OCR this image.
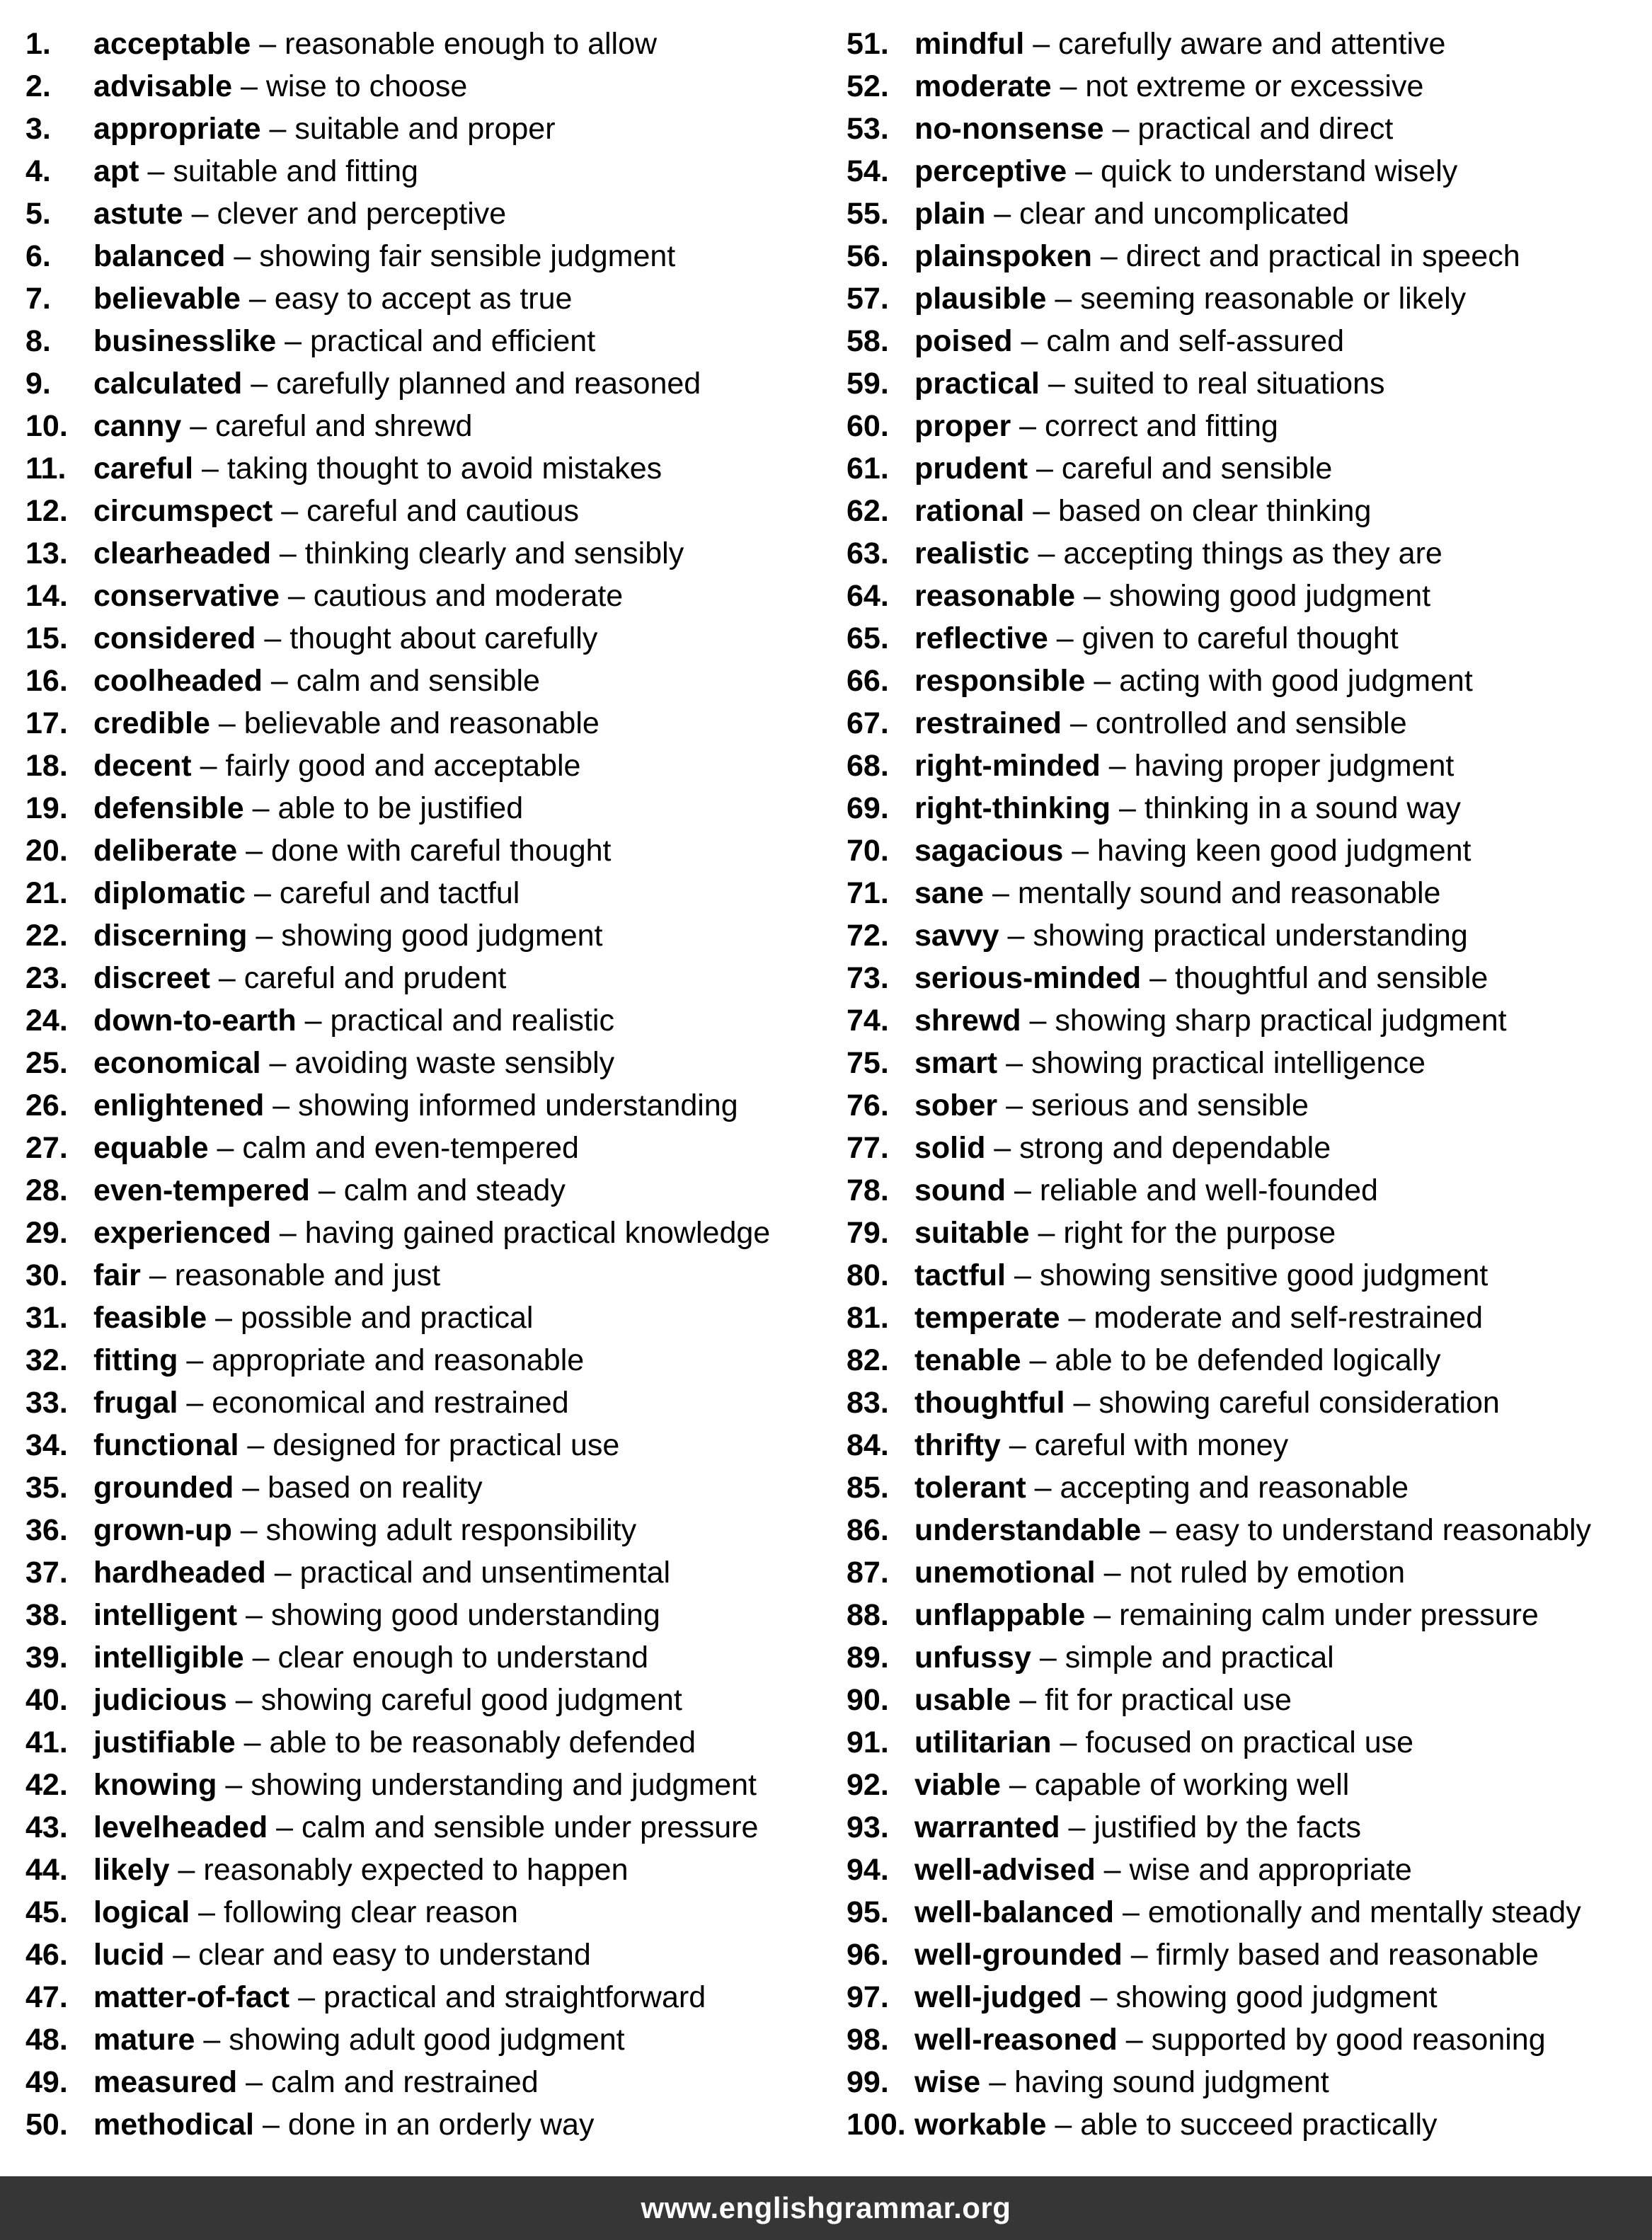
1.	acceptable
–
reasonable enough to allow
2.	advisable
–
wise to choose
3.	appropriate
–
suitable and proper
4.	apt
–
suitable and fitting
5.	astute
–
clever and perceptive
6.	balanced
–
showing fair sensible judgment
7.	believable
–
easy to accept as true
8.	businesslike
–
practical and efficient
9.	calculated
–
carefully planned and reasoned
10. canny
–
careful and shrewd
11. careful
–
taking thought to avoid mistakes
12. circumspect
–
careful and cautious
13. clearheaded
–
thinking clearly and sensibly
14. conservative
–
cautious and moderate
15. considered
–
thought about carefully
16. coolheaded
–
calm and sensible
17. credible
–
believable and reasonable
18. decent
–
fairly good and acceptable
19. defensible
–
able to be justified
20. deliberate
–
done with careful thought
21. diplomatic
–
careful and tactful
22. discerning
–
showing good judgment
23. discreet
–
careful and prudent
24. down-to-earth
–
practical and realistic
25. economical
–
avoiding waste sensibly
26. enlightened
–
showing informed understanding
27. equable
–
calm and even-tempered
28. even-tempered
–
calm and steady
29. experienced
–
having gained practical knowledge
30. fair
–
reasonable and just
31. feasible
–
possible and practical
32. fitting
–
appropriate and reasonable
33. frugal
–
economical and restrained
34. functional
–
designed for practical use
35. grounded
–
based on reality
36. grown-up
–
showing adult responsibility
37. hardheaded
–
practical and unsentimental
38. intelligent
–
showing good understanding
39. intelligible
–
clear enough to understand
40. judicious
–
showing careful good judgment
41. justifiable
–
able to be reasonably defended
42. knowing
–
showing understanding and judgment
43. levelheaded
–
calm and sensible under pressure
44. likely
–
reasonably expected to happen
45. logical
–
following clear reason
46. lucid
–
clear and easy to understand
47. matter-of-fact
–
practical and straightforward
48. mature
–
showing adult good judgment
49. measured
–
calm and restrained
50. methodical
–
done in an orderly way
51. mindful
–
carefully aware and attentive
52. moderate
–
not extreme or excessive
53. no-nonsense
–
practical and direct
54. perceptive
–
quick to understand wisely
55. plain
–
clear and uncomplicated
56. plainspoken
–
direct and practical in speech
57. plausible
–
seeming reasonable or likely
58. poised
–
calm and self-assured
59. practical
–
suited to real situations
60. proper
–
correct and fitting
61. prudent
–
careful and sensible
62. rational
–
based on clear thinking
63. realistic
–
accepting things as they are
64. reasonable
–
showing good judgment
65. reflective
–
given to careful thought
66. responsible
–
acting with good judgment
67. restrained
–
controlled and sensible
68. right-minded
–
having proper judgment
69. right-thinking
–
thinking in a sound way
70. sagacious
–
having keen good judgment
71. sane
–
mentally sound and reasonable
72. savvy
–
showing practical understanding
73. serious-minded
–
thoughtful and sensible
74. shrewd
–
showing sharp practical judgment
75. smart
–
showing practical intelligence
76. sober
–
serious and sensible
77. solid
–
strong and dependable
78. sound
–
reliable and well-founded
79. suitable
–
right for the purpose
80. tactful
–
showing sensitive good judgment
81. temperate
–
moderate and self-restrained
82. tenable
–
able to be defended logically
83. thoughtful
–
showing careful consideration
84. thrifty
–
careful with money
85. tolerant
–
accepting and reasonable
86. understandable
–
easy to understand reasonably
87. unemotional
–
not ruled by emotion
88. unflappable
–
remaining calm under pressure
89. unfussy
–
simple and practical
90. usable
–
fit for practical use
91. utilitarian
–
focused on practical use
92. viable
–
capable of working well
93. warranted
–
justified by the facts
94. well-advised
–
wise and appropriate
95. well-balanced
–
emotionally and mentally steady
96. well-grounded
–
firmly based and reasonable
97. well-judged
–
showing good judgment
98. well-reasoned
–
supported by good reasoning
99. wise
–
having sound judgment
100. workable
–
able to succeed practically
www.englishgrammar.org
